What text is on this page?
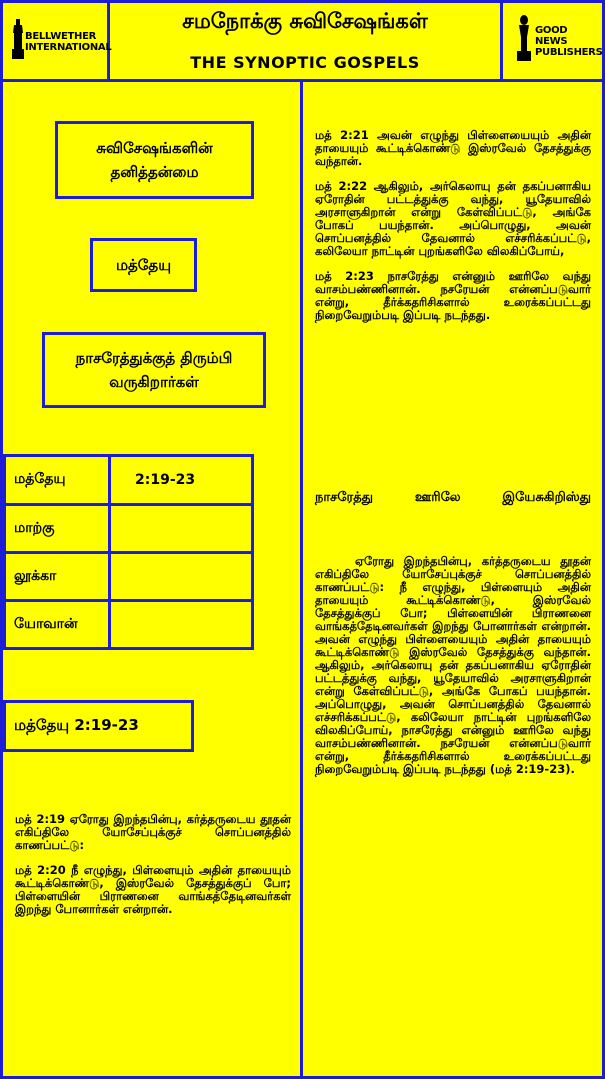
BELLWETHER
INTERNATIONAL
சமநோக்கு சுவிசேஷங்கள்
THE SYNOPTIC GOSPELS
GOOD NEWS
PUBLISHERS
சுவிசேஷங்களின் தனித்தன்மை
மத்தேயு
நாசரேத்துக்குத் திரும்பி வருகிறார்கள்
மத்தேயு	2:19-23
மாற்கு
லூக்கா
யோவான்
மத்தேயு 2:19-23

மத் 2:19 ஏரோது இறந்தபின்பு, கர்த்தருடைய தூதன் எகிப்திலே யோசேப்புக்குச் சொப்பனத்தில் காணப்பட்டு:

மத் 2:20 நீ எழுந்து, பிள்ளையும் அதின் தாயையும் கூட்டிக்கொண்டு, இஸ்ரவேல் தேசத்துக்குப் போ; பிள்ளையின் பிராணனை வாங்கத்தேடினவர்கள் இறந்து போனார்கள் என்றான்.

மத் 2:21 அவன் எழுந்து பிள்ளையையும் அதின் தாயையும் கூட்டிக்கொண்டு இஸ்ரவேல் தேசத்துக்கு வந்தான்.

மத் 2:22 ஆகிலும், அர்கெலாயு தன் தகப்பனாகிய ஏரோதின் பட்டத்துக்கு வந்து, யூதேயாவில் அரசாளுகிறான் என்று கேள்விப்பட்டு, அங்கே போகப் பயந்தான். அப்பொழுது, அவன் சொப்பனத்தில் தேவனால் எச்சரிக்கப்பட்டு, கலிலேயா நாட்டின் புறங்களிலே விலகிப்போய்,

மத் 2:23 நாசரேத்து என்னும் ஊரிலே வந்து வாசம்பண்ணினான். நசரேயன் என்னப்படுவார் என்று, தீர்க்கதரிசிகளால் உரைக்கப்பட்டது நிறைவேறும்படி இப்படி நடந்தது.

நாசரேத்து ஊரிலே இயேசுகிறிஸ்து
ஏரோது இறந்தபின்பு, கர்த்தருடைய தூதன் எகிப்திலே யோசேப்புக்குச் சொப்பனத்தில் காணப்பட்டு: நீ எழுந்து, பிள்ளையும் அதின் தாயையும் கூட்டிக்கொண்டு, இஸ்ரவேல் தேசத்துக்குப் போ; பிள்ளையின் பிராணனை வாங்கத்தேடினவர்கள் இறந்து போனார்கள் என்றான். அவன் எழுந்து பிள்ளையையும் அதின் தாயையும் கூட்டிக்கொண்டு இஸ்ரவேல் தேசத்துக்கு வந்தான். ஆகிலும், அர்கெலாயு தன் தகப்பனாகிய ஏரோதின் பட்டத்துக்கு வந்து, யூதேயாவில் அரசாளுகிறான் என்று கேள்விப்பட்டு, அங்கே போகப் பயந்தான். அப்பொழுது, அவன் சொப்பனத்தில் தேவனால் எச்சரிக்கப்பட்டு, கலிலேயா நாட்டின் புறங்களிலே விலகிப்போய், நாசரேத்து என்னும் ஊரிலே வந்து வாசம்பண்ணினான். நசரேயன் என்னப்படுவார் என்று, தீர்க்கதரிசிகளால் உரைக்கப்பட்டது நிறைவேறும்படி இப்படி நடந்தது (மத் 2:19-23).
